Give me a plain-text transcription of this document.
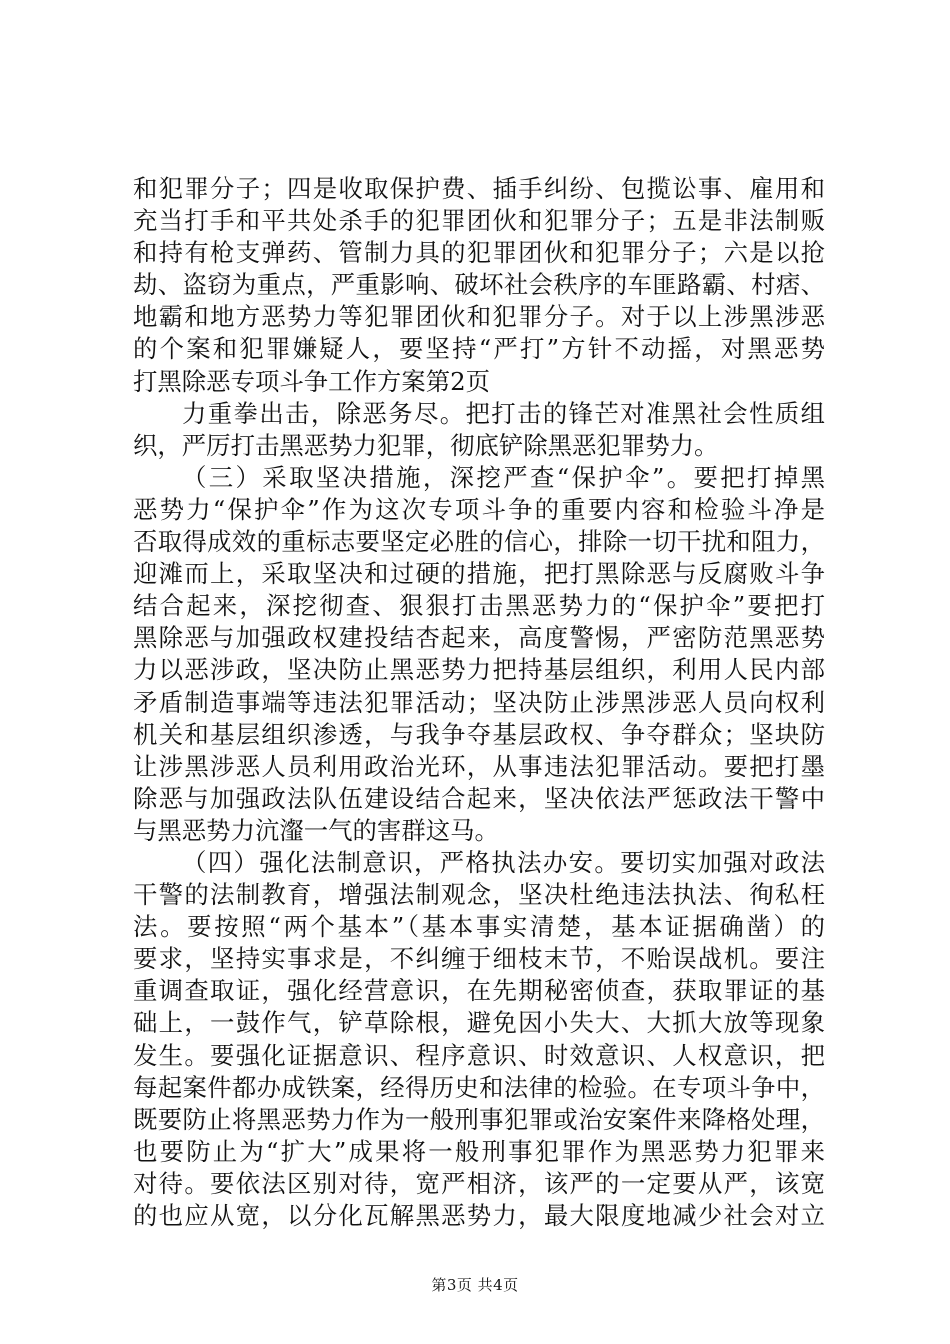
和犯罪分子；四是收取保护费、插手纠纷、包揽讼事、雇用和
充当打手和平共处杀手的犯罪团伙和犯罪分子；五是非法制贩
和持有枪支弹药、管制力具的犯罪团伙和犯罪分子；六是以抢
劫、盗窃为重点，严重影响、破坏社会秩序的车匪路霸、村痞、
地霸和地方恶势力等犯罪团伙和犯罪分子。对于以上涉黑涉恶
的个案和犯罪嫌疑人，要坚持“严打”方针不动摇，对黑恶势
打黑除恶专项斗争工作方案第2页
力重拳出击，除恶务尽。把打击的锋芒对准黑社会性质组
织，严厉打击黑恶势力犯罪，彻底铲除黑恶犯罪势力。
（三）采取坚决措施，深挖严查“保护伞”。要把打掉黑
恶势力“保护伞”作为这次专项斗争的重要内容和检验斗净是
否取得成效的重标志要坚定必胜的信心，排除一切干扰和阻力，
迎滩而上，采取坚决和过硬的措施，把打黑除恶与反腐败斗争
结合起来，深挖彻查、狠狠打击黑恶势力的“保护伞”要把打
黑除恶与加强政权建投结杏起来，高度警惕，严密防范黑恶势
力以恶涉政，坚决防止黑恶势力把持基层组织，利用人民内部
矛盾制造事端等违法犯罪活动；坚决防止涉黑涉恶人员向权利
机关和基层组织渗透，与我争夺基层政权、争夺群众；坚块防
让涉黑涉恶人员利用政治光环，从事违法犯罪活动。要把打墨
除恶与加强政法队伍建设结合起来，坚决依法严惩政法干警中
与黑恶势力沆瀣一气的害群这马。
（四）强化法制意识，严格执法办安。要切实加强对政法
干警的法制教育，增强法制观念，坚决杜绝违法执法、徇私枉
法。要按照“两个基本”（基本事实清楚，基本证据确凿）的
要求，坚持实事求是，不纠缠于细枝末节，不贻误战机。要注
重调查取证，强化经营意识，在先期秘密侦查，获取罪证的基
础上，一鼓作气，铲草除根，避免因小失大、大抓大放等现象
发生。要强化证据意识、程序意识、时效意识、人权意识，把
每起案件都办成铁案，经得历史和法律的检验。在专项斗争中，
既要防止将黑恶势力作为一般刑事犯罪或治安案件来降格处理，
也要防止为“扩大”成果将一般刑事犯罪作为黑恶势力犯罪来
对待。要依法区别对待，宽严相济，该严的一定要从严，该宽
的也应从宽，以分化瓦解黑恶势力，最大限度地减少社会对立
第3页 共4页
